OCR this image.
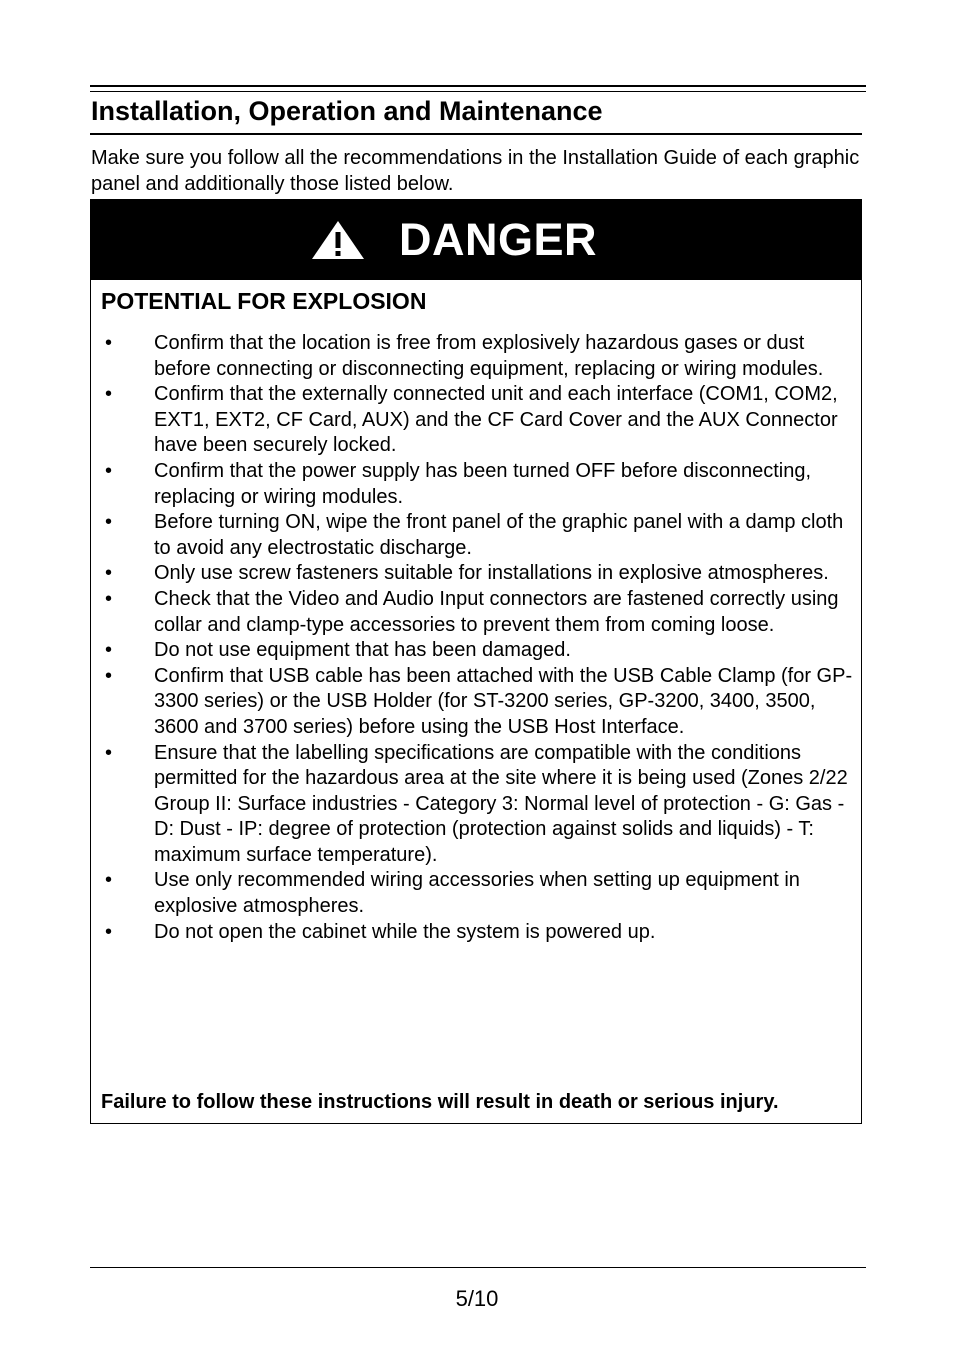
Installation, Operation and Maintenance

Make sure you follow all the recommendations in the Installation Guide of each graphic panel and additionally those listed below.

DANGER

POTENTIAL FOR EXPLOSION

• Confirm that the location is free from explosively hazardous gases or dust before connecting or disconnecting equipment, replacing or wiring modules.
• Confirm that the externally connected unit and each interface (COM1, COM2, EXT1, EXT2, CF Card, AUX) and the CF Card Cover and the AUX Connector have been securely locked.
• Confirm that the power supply has been turned OFF before disconnecting, replacing or wiring modules.
• Before turning ON, wipe the front panel of the graphic panel with a damp cloth to avoid any electrostatic discharge.
• Only use screw fasteners suitable for installations in explosive atmospheres.
• Check that the Video and Audio Input connectors are fastened correctly using collar and clamp-type accessories to prevent them from coming loose.
• Do not use equipment that has been damaged.
• Confirm that USB cable has been attached with the USB Cable Clamp (for GP-3300 series) or the USB Holder (for ST-3200 series, GP-3200, 3400, 3500, 3600 and 3700 series) before using the USB Host Interface.
• Ensure that the labelling specifications are compatible with the conditions permitted for the hazardous area at the site where it is being used (Zones 2/22 Group II: Surface industries - Category 3: Normal level of protection - G: Gas - D: Dust - IP: degree of protection (protection against solids and liquids) - T: maximum surface temperature).
• Use only recommended wiring accessories when setting up equipment in explosive atmospheres.
• Do not open the cabinet while the system is powered up.

Failure to follow these instructions will result in death or serious injury.

5/10
